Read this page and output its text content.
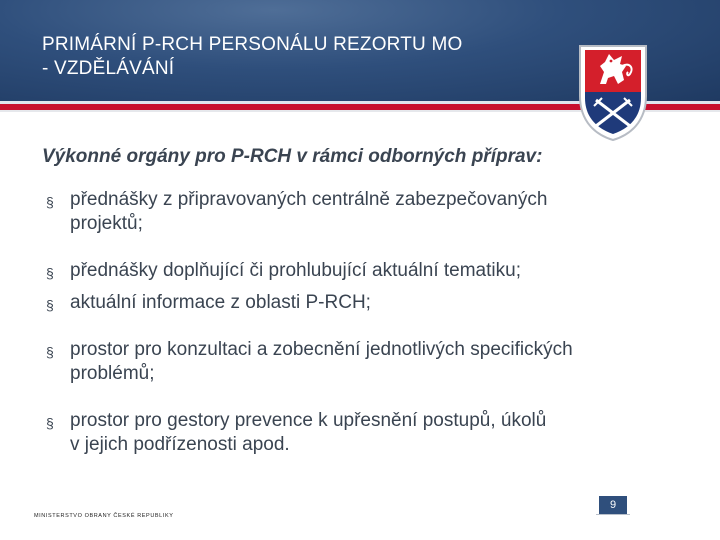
PRIMÁRNÍ P-RCH PERSONÁLU REZORTU MO
- VZDĚLÁVÁNÍ
Výkonné orgány pro P-RCH v rámci odborných příprav:
§ přednášky z připravovaných centrálně zabezpečovaných
projektů;
§ přednášky doplňující či prohlubující aktuální tematiku;
§ aktuální informace z oblasti P-RCH;
§ prostor pro konzultaci a zobecnění jednotlivých specifických
problémů;
§ prostor pro gestory prevence k upřesnění postupů, úkolů
v jejich podřízenosti apod.
9
MINISTERSTVO OBRANY ČESKÉ REPUBLIKY
